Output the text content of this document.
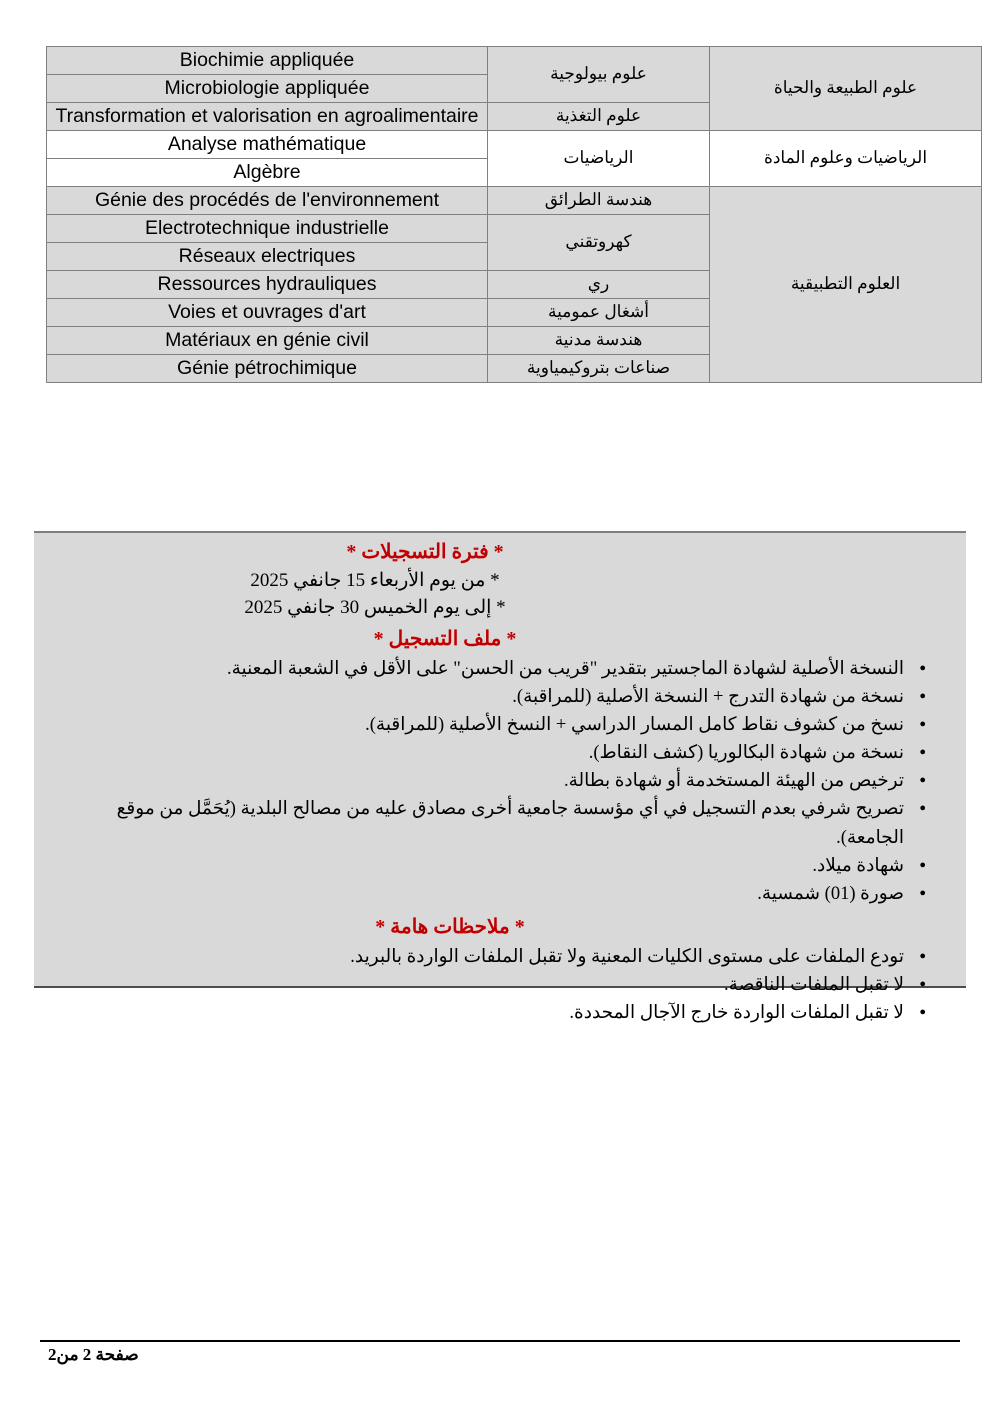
Biochimie appliquée	علوم بيولوجية	علوم الطبيعة والحياة
Microbiologie appliquée		
Transformation et valorisation en agroalimentaire	علوم التغذية	
Analyse mathématique	الرياضيات	الرياضيات وعلوم المادة
Algèbre		
Génie des procédés de l'environnement	هندسة الطرائق	العلوم التطبيقية
Electrotechnique industrielle	كهروتقني	
Réseaux electriques		
Ressources hydrauliques	ري	
Voies et ouvrages d'art	أشغال عمومية	
Matériaux en génie civil	هندسة مدنية	
Génie pétrochimique	صناعات بتروكيمياوية	
* فترة التسجيلات *
* من يوم الأربعاء 15 جانفي 2025
* إلى يوم الخميس 30 جانفي 2025
* ملف التسجيل *
● النسخة الأصلية لشهادة الماجستير بتقدير "قريب من الحسن" على الأقل في الشعبة المعنية.
● نسخة من شهادة التدرج + النسخة الأصلية (للمراقبة).
● نسخ من كشوف نقاط كامل المسار الدراسي + النسخ الأصلية (للمراقبة).
● نسخة من شهادة البكالوريا (كشف النقاط).
● ترخيص من الهيئة المستخدمة أو شهادة بطالة.
● تصريح شرفي بعدم التسجيل في أي مؤسسة جامعية أخرى مصادق عليه من مصالح البلدية (يُحَمَّل من موقع الجامعة).
● شهادة ميلاد.
● صورة (01) شمسية.
* ملاحظات هامة *
● تودع الملفات على مستوى الكليات المعنية ولا تقبل الملفات الواردة بالبريد.
● لا تقبل الملفات الناقصة.
● لا تقبل الملفات الواردة خارج الآجال المحددة.
صفحة 2 من2
